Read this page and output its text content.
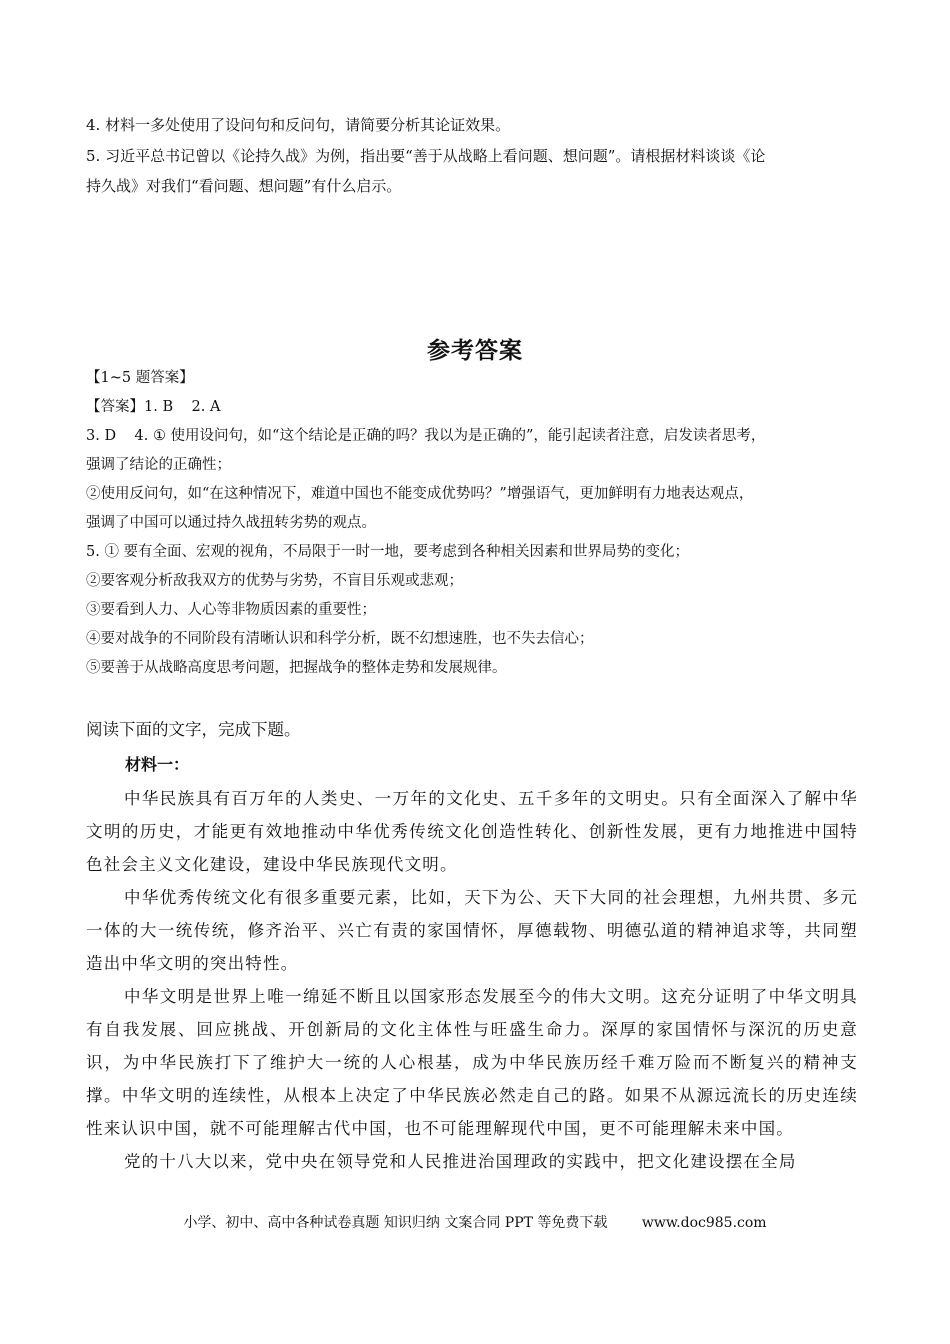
4. 材料一多处使用了设问句和反问句，请简要分析其论证效果。
5. 习近平总书记曾以《论持久战》为例，指出要“善于从战略上看问题、想问题”。请根据材料谈谈《论
持久战》对我们“看问题、想问题”有什么启示。
参考答案

【1~5 题答案】

【答案】1. B    2. A

3. D    4. ① 使用设问句，如“这个结论是正确的吗？我以为是正确的”，能引起读者注意，启发读者思考，

强调了结论的正确性；

②使用反问句，如“在这种情况下，难道中国也不能变成优势吗？”增强语气，更加鲜明有力地表达观点，

强调了中国可以通过持久战扭转劣势的观点。

5. ① 要有全面、宏观的视角，不局限于一时一地，要考虑到各种相关因素和世界局势的变化；

②要客观分析敌我双方的优势与劣势，不盲目乐观或悲观；

③要看到人力、人心等非物质因素的重要性；

④要对战争的不同阶段有清晰认识和科学分析，既不幻想速胜，也不失去信心；

⑤要善于从战略高度思考问题，把握战争的整体走势和发展规律。

阅读下面的文字，完成下题。
材料一：

中华民族具有百万年的人类史、一万年的文化史、五千多年的文明史。只有全面深入了解中华文明的历史，才能更有效地推动中华优秀传统文化创造性转化、创新性发展，更有力地推进中国特色社会主义文化建设，建设中华民族现代文明。

中华优秀传统文化有很多重要元素，比如，天下为公、天下大同的社会理想，九州共贯、多元一体的大一统传统，修齐治平、兴亡有责的家国情怀，厚德载物、明德弘道的精神追求等，共同塑造出中华文明的突出特性。

中华文明是世界上唯一绵延不断且以国家形态发展至今的伟大文明。这充分证明了中华文明具有自我发展、回应挑战、开创新局的文化主体性与旺盛生命力。深厚的家国情怀与深沉的历史意识，为中华民族打下了维护大一统的人心根基，成为中华民族历经千难万险而不断复兴的精神支撑。中华文明的连续性，从根本上决定了中华民族必然走自己的路。如果不从源远流长的历史连续性来认识中国，就不可能理解古代中国，也不可能理解现代中国，更不可能理解未来中国。

党的十八大以来，党中央在领导党和人民推进治国理政的实践中，把文化建设摆在全局

小学、初中、高中各种试卷真题 知识归纳 文案合同 PPT 等免费下载 www.doc985.com
